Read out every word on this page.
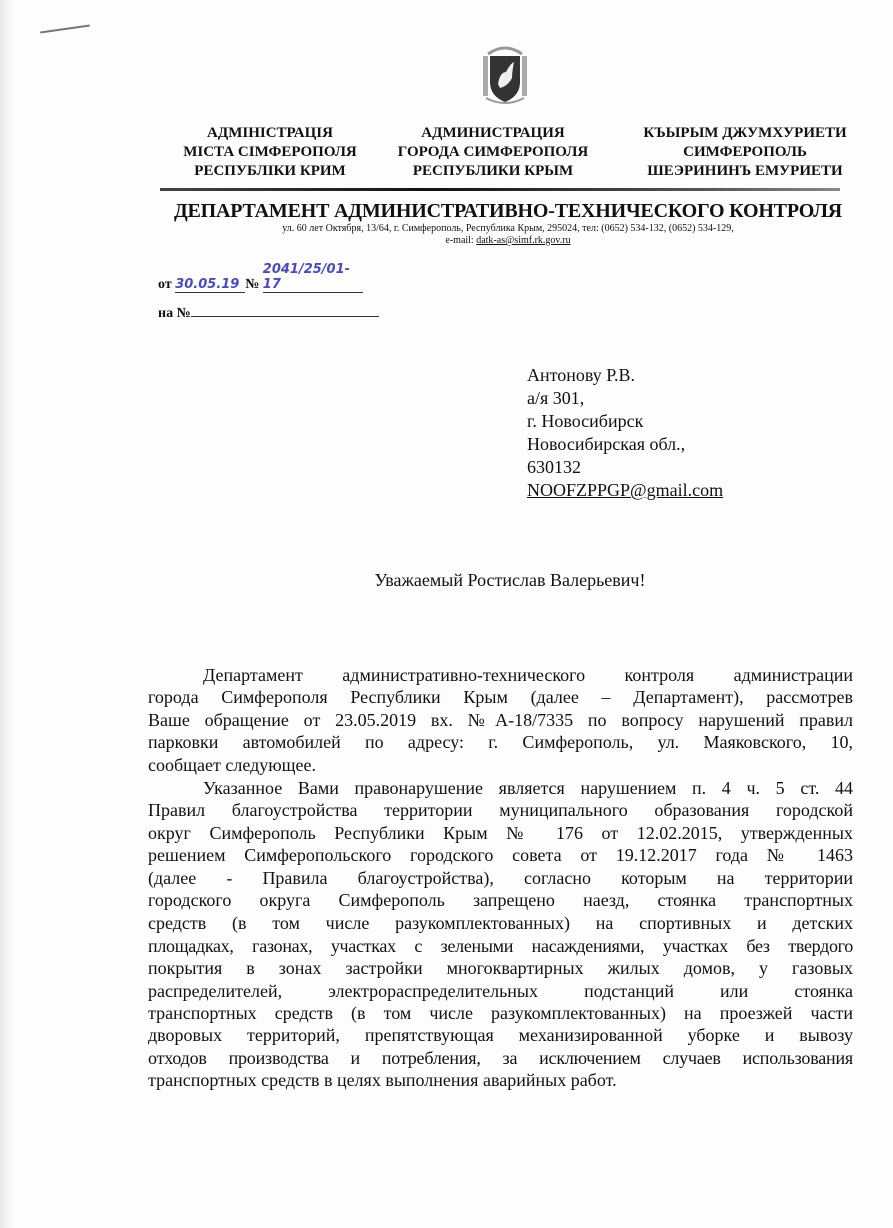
АДМІНІСТРАЦІЯ
МІСТА СІМФЕРОПОЛЯ
РЕСПУБЛІКИ КРИМ
АДМИНИСТРАЦИЯ
ГОРОДА СИМФЕРОПОЛЯ
РЕСПУБЛИКИ КРЫМ
КЪЫРЫМ ДЖУМХУРИЕТИ
СИМФЕРОПОЛЬ
ШЕЭРИНИНЪ ЕМУРИЕТИ
ДЕПАРТАМЕНТ АДМИНИСТРАТИВНО-ТЕХНИЧЕСКОГО КОНТРОЛЯ
ул. 60 лет Октября, 13/64, г. Симферополь, Республика Крым, 295024, тел: (0652) 534-132, (0652) 534-129,
e-mail: datk-as@simf.rk.gov.ru
от 30.05.19 № 2041/25/01-17
на №
Антонову Р.В.
а/я 301,
г. Новосибирск
Новосибирская обл.,
630132
NOOFZPPGP@gmail.com
Уважаемый Ростислав Валерьевич!
Департамент административно-технического контроля администрации
города Симферополя Республики Крым (далее – Департамент), рассмотрев
Ваше обращение от 23.05.2019 вх. №А-18/7335 по вопросу нарушений правил
парковки автомобилей по адресу: г. Симферополь, ул. Маяковского, 10,
сообщает следующее.
Указанное Вами правонарушение является нарушением п. 4 ч. 5 ст. 44
Правил благоустройства территории муниципального образования городской
округ Симферополь Республики Крым № 176 от 12.02.2015, утвержденных
решением Симферопольского городского совета от 19.12.2017 года № 1463
(далее - Правила благоустройства), согласно которым на территории
городского округа Симферополь запрещено наезд, стоянка транспортных
средств (в том числе разукомплектованных) на спортивных и детских
площадках, газонах, участках с зелеными насаждениями, участках без твердого
покрытия в зонах застройки многоквартирных жилых домов, у газовых
распределителей, электрораспределительных подстанций или стоянка
транспортных средств (в том числе разукомплектованных) на проезжей части
дворовых территорий, препятствующая механизированной уборке и вывозу
отходов производства и потребления, за исключением случаев использования
транспортных средств в целях выполнения аварийных работ.
